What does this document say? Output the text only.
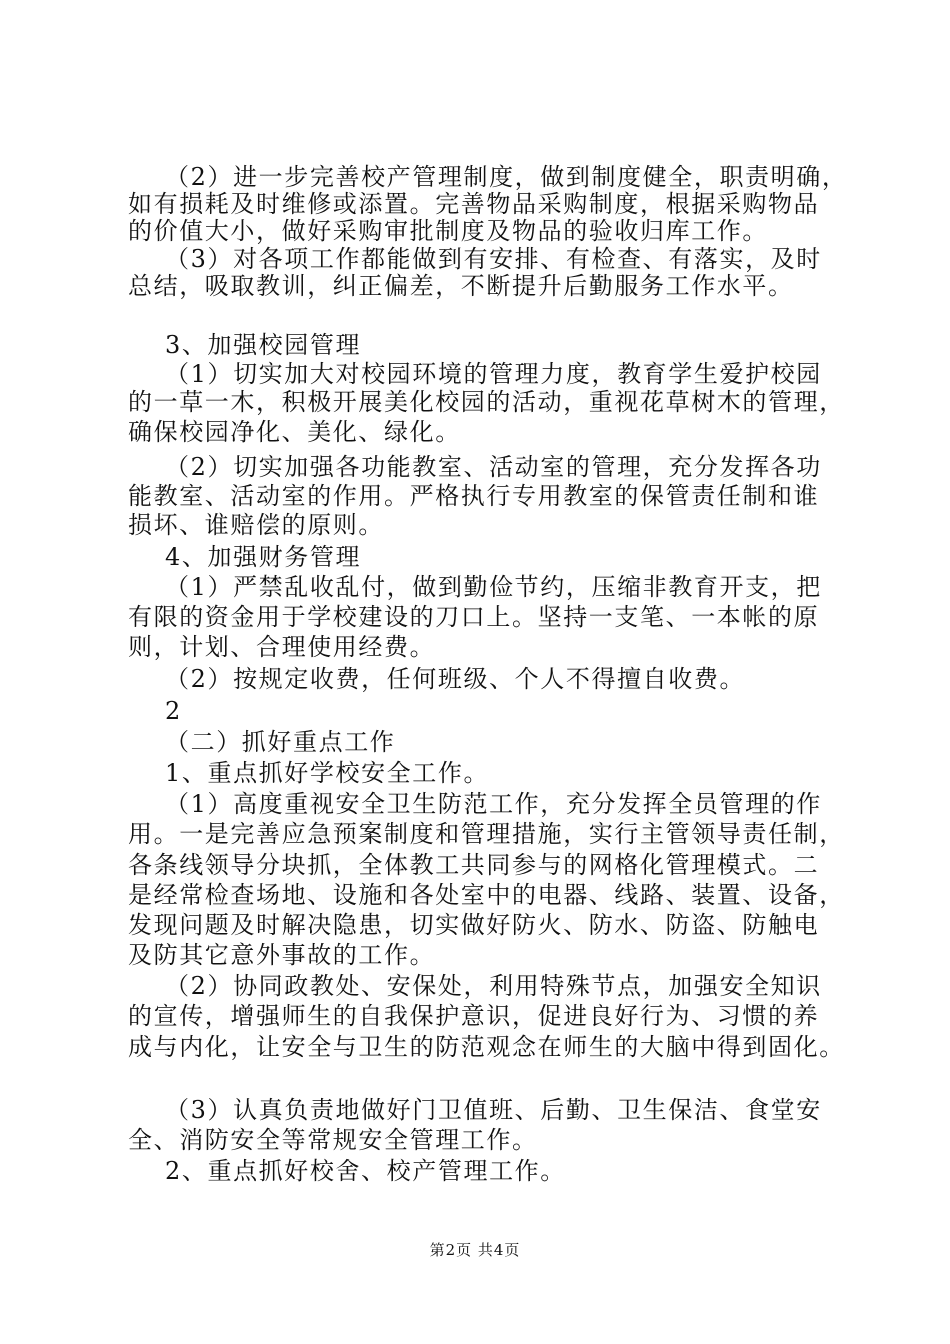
第2页 共4页
（2）进一步完善校产管理制度，做到制度健全，职责明确，
如有损耗及时维修或添置。完善物品采购制度，根据采购物品
的价值大小，做好采购审批制度及物品的验收归库工作。
（3）对各项工作都能做到有安排、有检查、有落实，及时
总结，吸取教训，纠正偏差，不断提升后勤服务工作水平。
3、加强校园管理
（1）切实加大对校园环境的管理力度，教育学生爱护校园
的一草一木，积极开展美化校园的活动，重视花草树木的管理，
确保校园净化、美化、绿化。
（2）切实加强各功能教室、活动室的管理，充分发挥各功
能教室、活动室的作用。严格执行专用教室的保管责任制和谁
损坏、谁赔偿的原则。
4、加强财务管理
（1）严禁乱收乱付，做到勤俭节约，压缩非教育开支，把
有限的资金用于学校建设的刀口上。坚持一支笔、一本帐的原
则，计划、合理使用经费。
（2）按规定收费，任何班级、个人不得擅自收费。
2
（二）抓好重点工作
1、重点抓好学校安全工作。
（1）高度重视安全卫生防范工作，充分发挥全员管理的作
用。一是完善应急预案制度和管理措施，实行主管领导责任制，
各条线领导分块抓，全体教工共同参与的网格化管理模式。二
是经常检查场地、设施和各处室中的电器、线路、装置、设备，
发现问题及时解决隐患，切实做好防火、防水、防盗、防触电
及防其它意外事故的工作。
（2）协同政教处、安保处，利用特殊节点，加强安全知识
的宣传，增强师生的自我保护意识，促进良好行为、习惯的养
成与内化，让安全与卫生的防范观念在师生的大脑中得到固化。
（3）认真负责地做好门卫值班、后勤、卫生保洁、食堂安
全、消防安全等常规安全管理工作。
2、重点抓好校舍、校产管理工作。
